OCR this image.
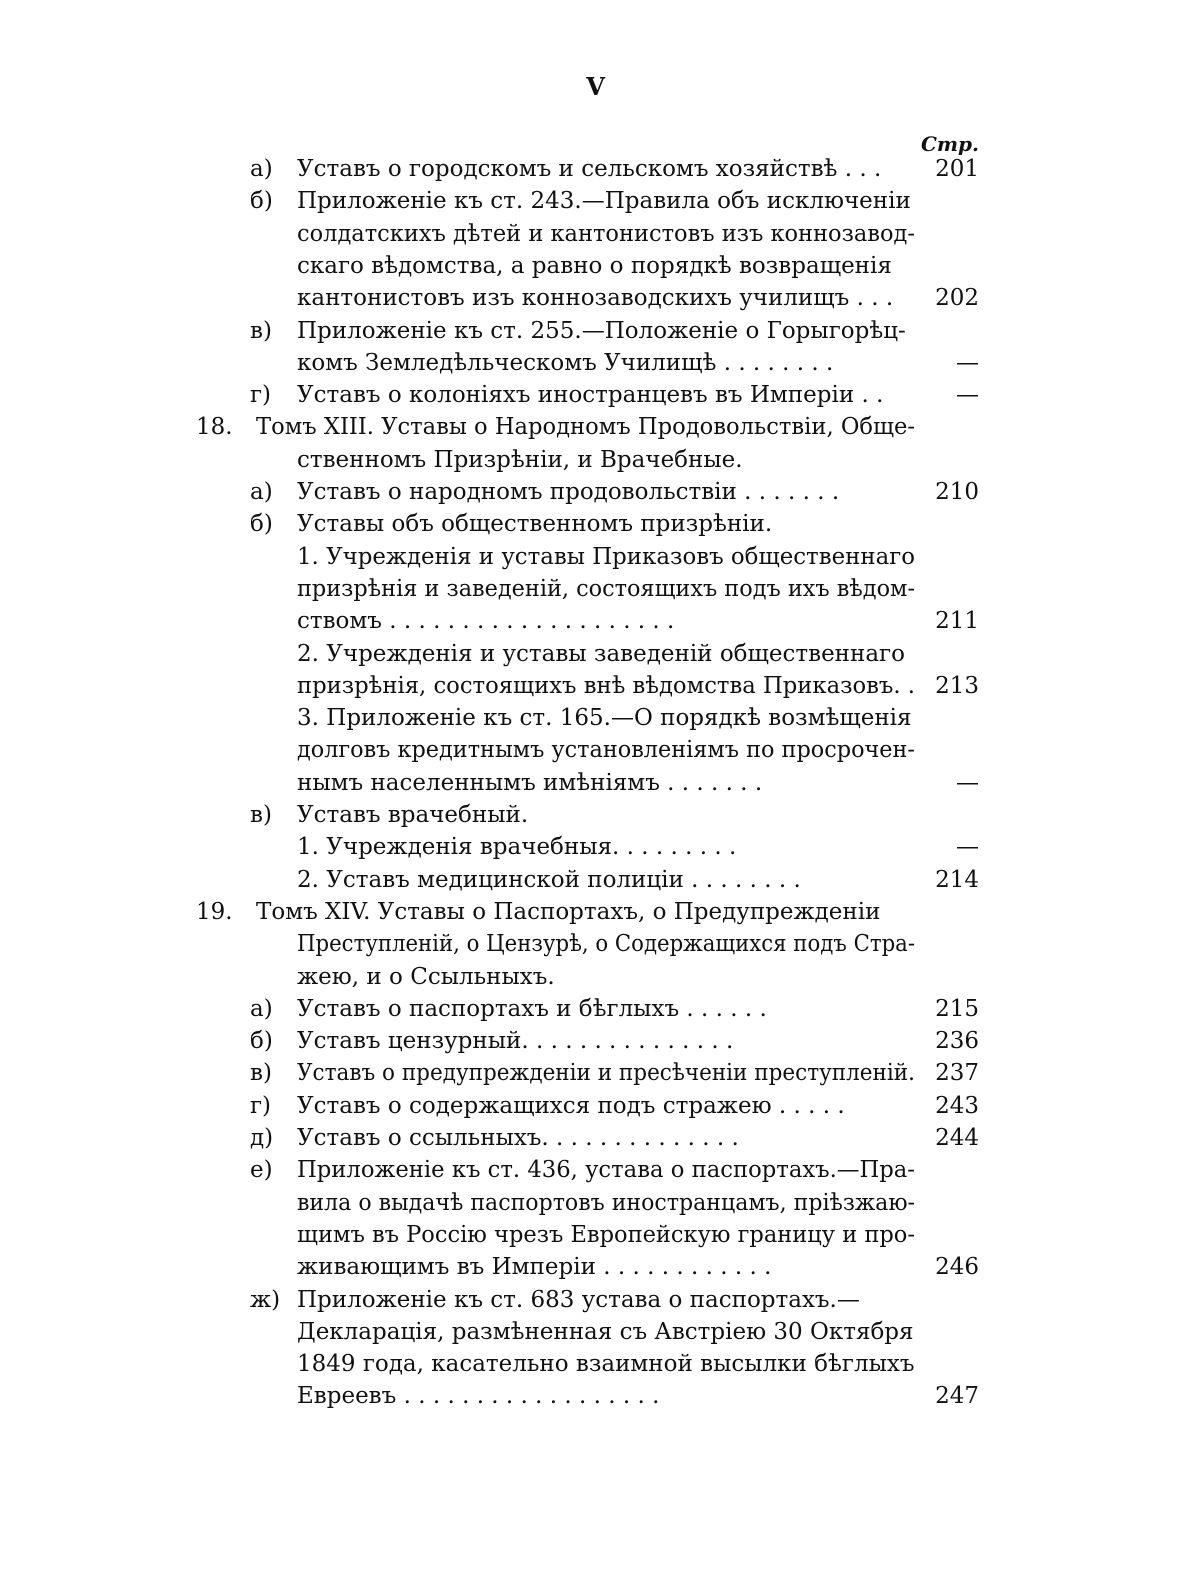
V
Стр.
а) Уставъ о городскомъ и сельскомъ хозяйствѣ . . .	201
б) Приложеніе къ ст. 243.—Правила объ исключеніи
солдатскихъ дѣтей и кантонистовъ изъ коннозавод-
скаго вѣдомства, а равно о порядкѣ возвращенія
кантонистовъ изъ коннозаводскихъ училищъ . . .	202
в) Приложеніе къ ст. 255.—Положеніе о Горыгорѣц-
комъ Земледѣльческомъ Училищѣ . . . . . . . .	—
г) Уставъ о колоніяхъ иностранцевъ въ Имперіи . .	—
18. Томъ XIII. Уставы о Народномъ Продовольствіи, Обще-
ственномъ Призрѣніи, и Врачебные.
а) Уставъ о народномъ продовольствіи . . . . . . .	210
б) Уставы объ общественномъ призрѣніи.
1. Учрежденія и уставы Приказовъ общественнаго
призрѣнія и заведеній, состоящихъ подъ ихъ вѣдом-
ствомъ . . . . . . . . . . . . . . . . . . . .	211
2. Учрежденія и уставы заведеній общественнаго
призрѣнія, состоящихъ внѣ вѣдомства Приказовъ. . 213
3. Приложеніе къ ст. 165.—О порядкѣ возмѣщенія
долговъ кредитнымъ установленіямъ по просрочен-
нымъ населеннымъ имѣніямъ . . . . . . .	—
в) Уставъ врачебный.
1. Учрежденія врачебныя. . . . . . . . .	—
2. Уставъ медицинской полиціи . . . . . . . .	214
19. Томъ XIV. Уставы о Паспортахъ, о Предупрежденіи
Преступленій, о Цензурѣ, о Содержащихся подъ Стра-
жею, и о Ссыльныхъ.
а) Уставъ о паспортахъ и бѣглыхъ . . . . . .	215
б) Уставъ цензурный. . . . . . . . . . . . . . .	236
в) Уставъ о предупрежденіи и пресѣченіи преступленій. 237
г) Уставъ о содержащихся подъ стражею . . . . .	243
д) Уставъ о ссыльныхъ. . . . . . . . . . . . . .	244
е) Приложеніе къ ст. 436, устава о паспортахъ.—Пра-
вила о выдачѣ паспортовъ иностранцамъ, пріѣзжаю-
щимъ въ Россію чрезъ Европейскую границу и про-
живающимъ въ Имперіи . . . . . . . . . . . .	246
ж) Приложеніе къ ст. 683 устава о паспортахъ.—
Декларація, размѣненная съ Австріею 30 Октября
1849 года, касательно взаимной высылки бѣглыхъ
Евреевъ . . . . . . . . . . . . . . . . . .	247
